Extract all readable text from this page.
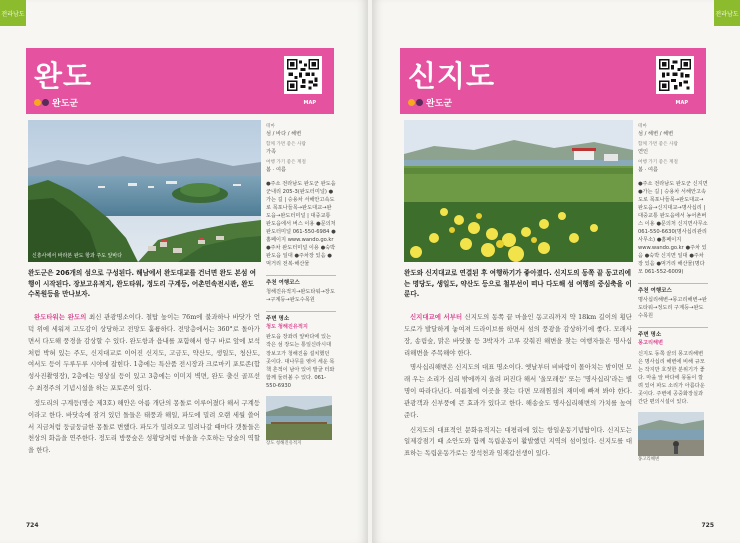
전라남도
완도
MAP
완도군
신흥사에서 바라본 완도 항과 주도 앞바다

테마
섬 / 바다 / 해변

함께 가면 좋은 사람
가족

여행 가기 좋은 계절
봄 · 여름

●주소 전라남도 완도군 완도읍 군내리 205-3(완도터미널) ●가는 길 | 승용차 서해안고속도로 목포나들목→완도대교→완도읍→완도터미널 | 대중교통 완도읍에서 버스 이용 ●문의처 완도터미널 061-550-6984 ●홈페이지 www.wando.go.kr ●주차 완도터미널 이용 ●숙박 완도읍 일대 ●주차장 있음 ●먹거리 전복·해산물

추천 여행코스

청해진유적지→완도타워→장도→구계등→완도수목원

주변 명소

청도 청해진유적지

완도읍 장좌리 앞바다에 있는 작은 섬 장도는 통일신라시대 장보고가 청해진을 설치했던 곳이다. 대나무를 엮어 세운 목책 흔적이 남아 있어 발굴 터와 함께 둘러볼 수 있다. 061-550-6930

장도 청해진유적지
완도군은 206개의 섬으로 구성된다. 해남에서 완도대교를 건너면 완도 본섬 여행이 시작된다. 장보고유적지, 완도타워, 정도리 구계등, 어촌민속전시관, 완도수목원등을 만나보자.

완도타워는 완도의 최신 관광명소이다. 철탑 높이는 76m에 불과하나 바닷가 언덕 위에 세워져 고도감이 상당하고 전망도 훌륭하다. 전망층에서는 360°로 돌아가면서 다도해 풍경을 감상할 수 있다. 완도항과 읍내를 포함해서 항구 바로 앞에 보석처럼 박혀 있는 주도, 신지대교로 이어진 신지도, 고금도, 약산도, 생일도, 청산도, 여서도 등이 두루두루 시야에 잡힌다. 1층에는 특산품 전시장과 크로마키 포토존(합성사진촬영장), 2층에는 영상실 등이 있고 3층에는 이미지 벽면, 완도 출신 골프선수 최경주의 기념시설을 하는 포토존이 있다.

정도리의 구계등(명승 제3호) 해안은 아름 개단의 몽돌로 이루어졌다 해서 구계등이라고 한다. 바닷속에 잠겨 있던 돌들은 태풍과 해일, 파도에 밀려 오랜 세월 쓸어서 지금처럼 둥글둥글한 몽돌로 변했다. 파도가 밀려오고 밀려나갈 때마다 갯돌들은 천상의 화음을 연주한다. 정도리 방풍숲은 성황당처럼 마을을 수호하는 당숲의 역할을 한다.

724
전라남도
신지도
MAP
완도군

테마
섬 / 해변 / 해변

함께 가면 좋은 사람
연인

여행 가기 좋은 계절
봄 · 여름

●주소 전라남도 완도군 신지면 ●가는 길 | 승용차 서해안고속도로 목포나들목→완도대교→완도읍→신지대교→명사십리 | 대중교통 완도읍에서 농어촌버스 이용 ●문의처 신지면사무소 061-550-6630(명사십리관리사무소) ●홈페이지 www.wando.go.kr ●주차 있음 ●숙박 신지면 일대 ●주차장 있음 ●먹거리 해산물(명다모 061-552-6009)

추천 여행코스

명사십리해변→몽고리해변→완도타워→정도리 구계등→완도수목원

주변 명소

몽고리해변

신지도 동쪽 끝의 몽고리해변은 명사십리 해변에 비해 규모는 작지만 호젓한 분위기가 좋다. 마을 앞 바다에 몽돌이 깔려 있어 파도 소리가 아름다운 곳이다. 주변에 공중화장실과 간단 편의시설이 있다.

몽고리해변
완도와 신지대교로 연결된 후 여행하기가 좋아졌다. 신지도의 동쪽 끝 동고리에는 명당도, 생일도, 약산도 등으로 철부선이 떠나 다도해 섬 여행의 중심축을 이룬다.

신지대교에 서부터 신지도의 동쪽 끝 마을인 동고리까지 약 18km 길이의 횡단도로가 발달하게 놓여져 드라이브를 하면서 섬의 풍광을 감상하기에 좋다. 모래사장, 송림숲, 맑은 바닷물 등 3박자가 고루 갖춰진 해변을 찾는 여행자들은 명사십리해변을 주목해야 한다.

명사십리해변은 신지도의 대표 명소이다. 옛날부터 비바람이 몰아치는 밤이면 모래 우는 소리가 십리 밖에까지 울려 퍼진다 해서 '울모래등' 또는 '명사십리'라는 별명이 따라다닌다. 여름철에 이곳을 찾는 다면 모래찜질의 재미에 빠져 봐야 한다. 관광객과 신부풍에 큰 효과가 있다고 한다. 해송숲도 명사십리해변의 가치를 높여준다.

신지도의 대표적인 문화유적지는 대평리에 있는 항일운동기념탑이다. 신지도는 일제강점기 때 소안도와 함께 독립운동이 활발했던 지역의 섬이었다. 신지도를 대표하는 독립운동가로는 장석천과 임재갑선생이 있다.

725
